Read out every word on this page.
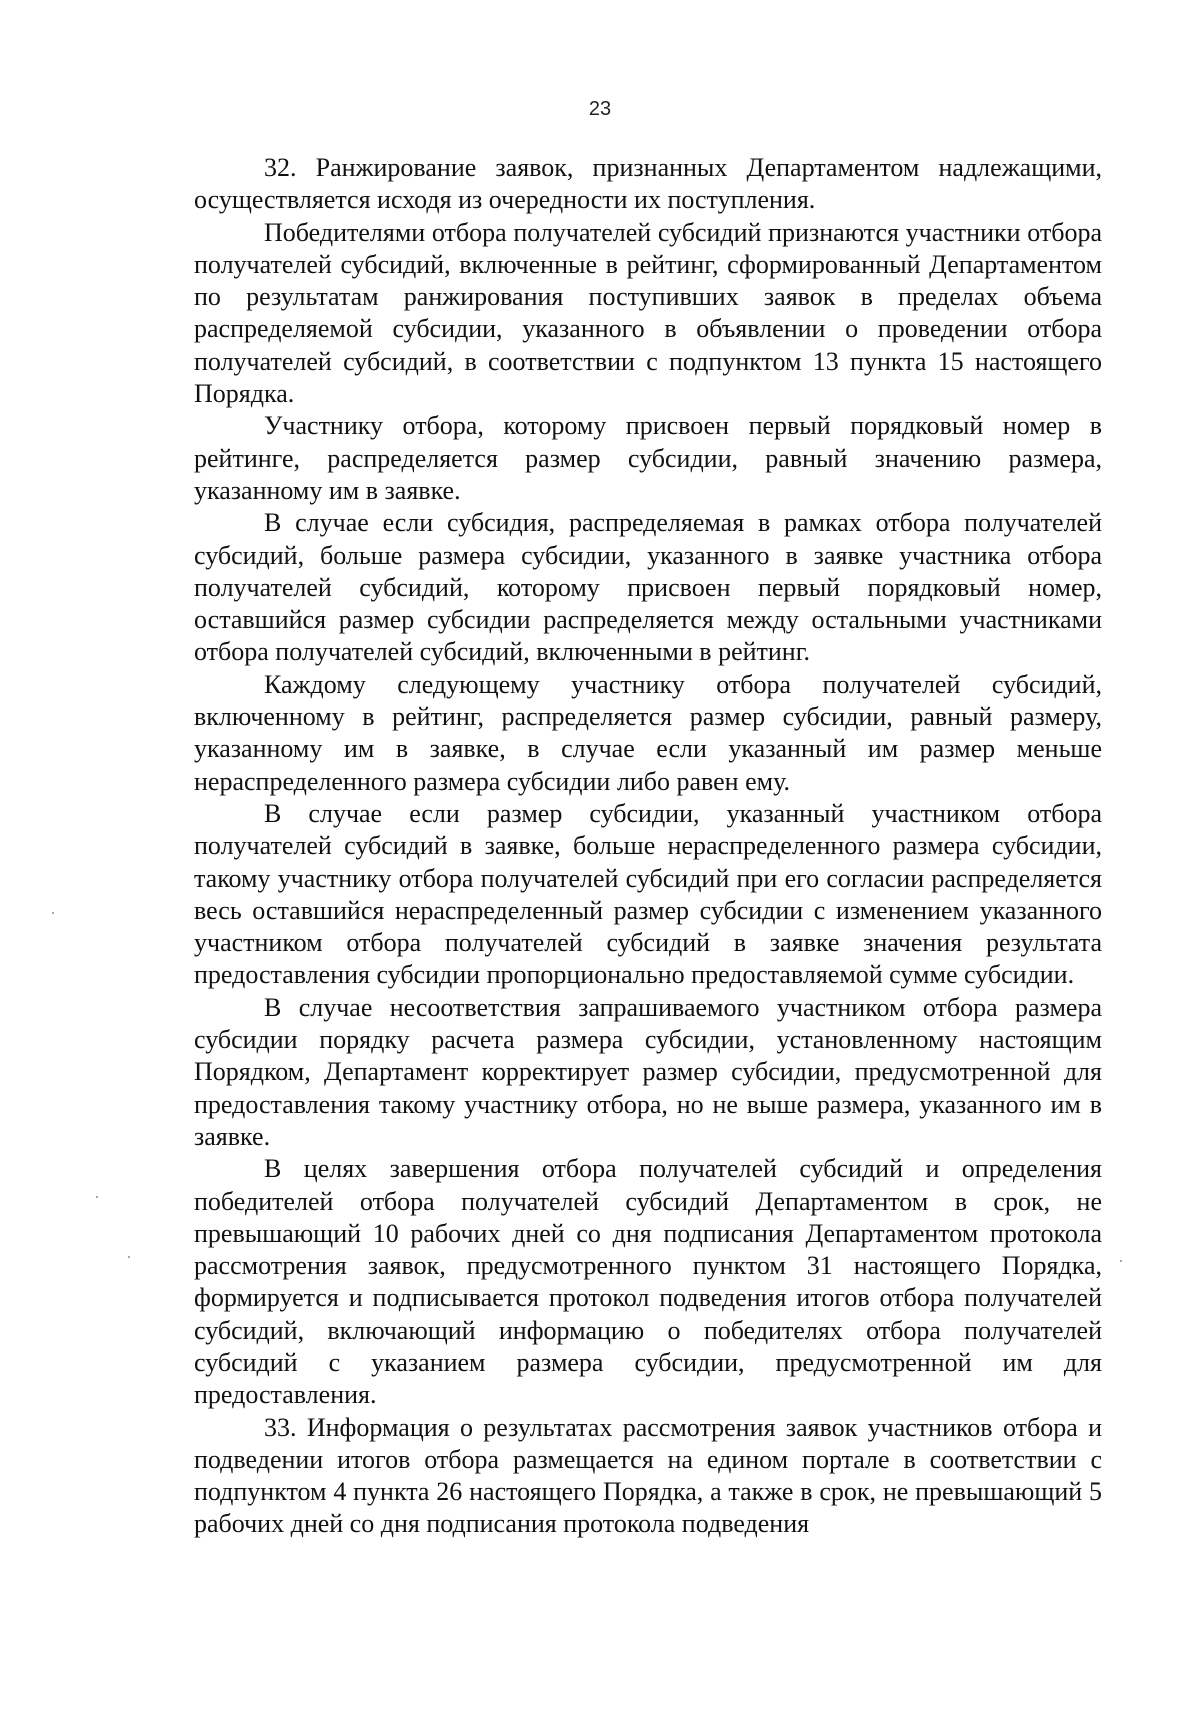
23

32. Ранжирование заявок, признанных Департаментом надлежащими, осуществляется исходя из очередности их поступления.

Победителями отбора получателей субсидий признаются участники отбора получателей субсидий, включенные в рейтинг, сформированный Департаментом по результатам ранжирования поступивших заявок в пределах объема распределяемой субсидии, указанного в объявлении о проведении отбора получателей субсидий, в соответствии с подпунктом 13 пункта 15 настоящего Порядка.

Участнику отбора, которому присвоен первый порядковый номер в рейтинге, распределяется размер субсидии, равный значению размера, указанному им в заявке.

В случае если субсидия, распределяемая в рамках отбора получателей субсидий, больше размера субсидии, указанного в заявке участника отбора получателей субсидий, которому присвоен первый порядковый номер, оставшийся размер субсидии распределяется между остальными участниками отбора получателей субсидий, включенными в рейтинг.

Каждому следующему участнику отбора получателей субсидий, включенному в рейтинг, распределяется размер субсидии, равный размеру, указанному им в заявке, в случае если указанный им размер меньше нераспределенного размера субсидии либо равен ему.

В случае если размер субсидии, указанный участником отбора получателей субсидий в заявке, больше нераспределенного размера субсидии, такому участнику отбора получателей субсидий при его согласии распределяется весь оставшийся нераспределенный размер субсидии с изменением указанного участником отбора получателей субсидий в заявке значения результата предоставления субсидии пропорционально предоставляемой сумме субсидии.

В случае несоответствия запрашиваемого участником отбора размера субсидии порядку расчета размера субсидии, установленному настоящим Порядком, Департамент корректирует размер субсидии, предусмотренной для предоставления такому участнику отбора, но не выше размера, указанного им в заявке.

В целях завершения отбора получателей субсидий и определения победителей отбора получателей субсидий Департаментом в срок, не превышающий 10 рабочих дней со дня подписания Департаментом протокола рассмотрения заявок, предусмотренного пунктом 31 настоящего Порядка, формируется и подписывается протокол подведения итогов отбора получателей субсидий, включающий информацию о победителях отбора получателей субсидий с указанием размера субсидии, предусмотренной им для предоставления.

33. Информация о результатах рассмотрения заявок участников отбора и подведении итогов отбора размещается на едином портале в соответствии с подпунктом 4 пункта 26 настоящего Порядка, а также в срок, не превышающий 5 рабочих дней со дня подписания протокола подведения
